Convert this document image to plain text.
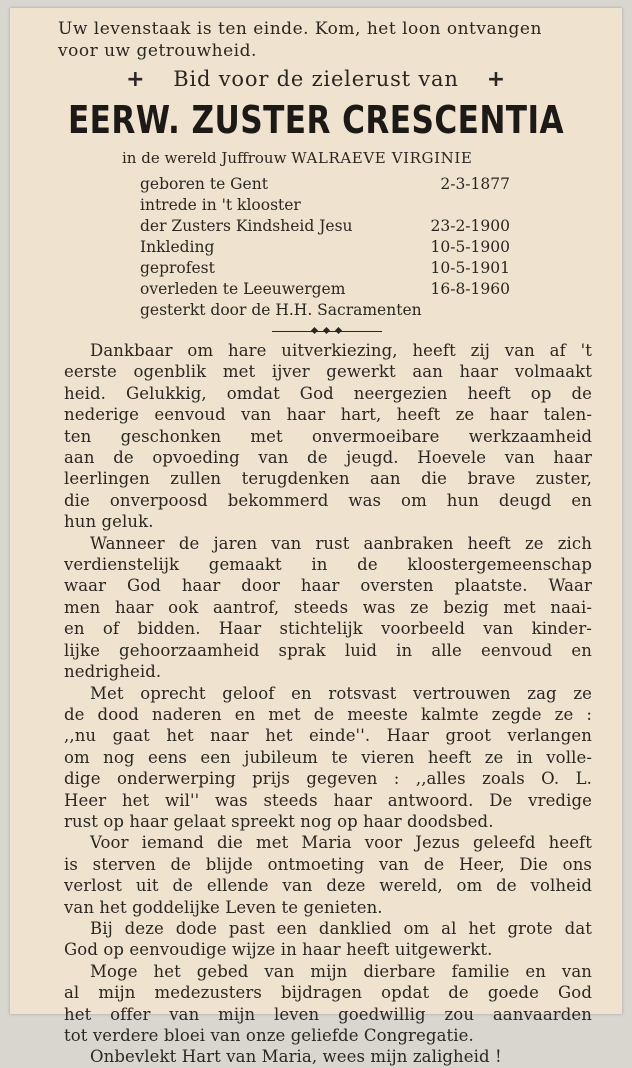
Uw levenstaak is ten einde. Kom, het loon ontvangen
voor uw getrouwheid.
+ Bid voor de zielerust van +
EERW. ZUSTER CRESCENTIA
in de wereld Juffrouw WALRAEVE VIRGINIE
geboren te Gent	2-3-1877
intrede in 't klooster
der Zusters Kindsheid Jesu	23-2-1900
Inkleding	10-5-1900
geprofest	10-5-1901
overleden te Leeuwergem	16-8-1960
gesterkt door de H.H. Sacramenten
Dankbaar om hare uitverkiezing, heeft zij van af 't
eerste ogenblik met ijver gewerkt aan haar volmaakt
heid. Gelukkig, omdat God neergezien heeft op de
nederige eenvoud van haar hart, heeft ze haar talen-
ten geschonken met onvermoeibare werkzaamheid
aan de opvoeding van de jeugd. Hoevele van haar
leerlingen zullen terugdenken aan die brave zuster,
die onverpoosd bekommerd was om hun deugd en
hun geluk.
Wanneer de jaren van rust aanbraken heeft ze zich
verdienstelijk gemaakt in de kloostergemeenschap
waar God haar door haar oversten plaatste. Waar
men haar ook aantrof, steeds was ze bezig met naai-
en of bidden. Haar stichtelijk voorbeeld van kinder-
lijke gehoorzaamheid sprak luid in alle eenvoud en
nedrigheid.
Met oprecht geloof en rotsvast vertrouwen zag ze
de dood naderen en met de meeste kalmte zegde ze :
,,nu gaat het naar het einde''. Haar groot verlangen
om nog eens een jubileum te vieren heeft ze in volle-
dige onderwerping prijs gegeven : ,,alles zoals O. L.
Heer het wil'' was steeds haar antwoord. De vredige
rust op haar gelaat spreekt nog op haar doodsbed.
Voor iemand die met Maria voor Jezus geleefd heeft
is sterven de blijde ontmoeting van de Heer, Die ons
verlost uit de ellende van deze wereld, om de volheid
van het goddelijke Leven te genieten.
Bij deze dode past een danklied om al het grote dat
God op eenvoudige wijze in haar heeft uitgewerkt.
Moge het gebed van mijn dierbare familie en van
al mijn medezusters bijdragen opdat de goede God
het offer van mijn leven goedwillig zou aanvaarden
tot verdere bloei van onze geliefde Congregatie.
Onbevlekt Hart van Maria, wees mijn zaligheid !
